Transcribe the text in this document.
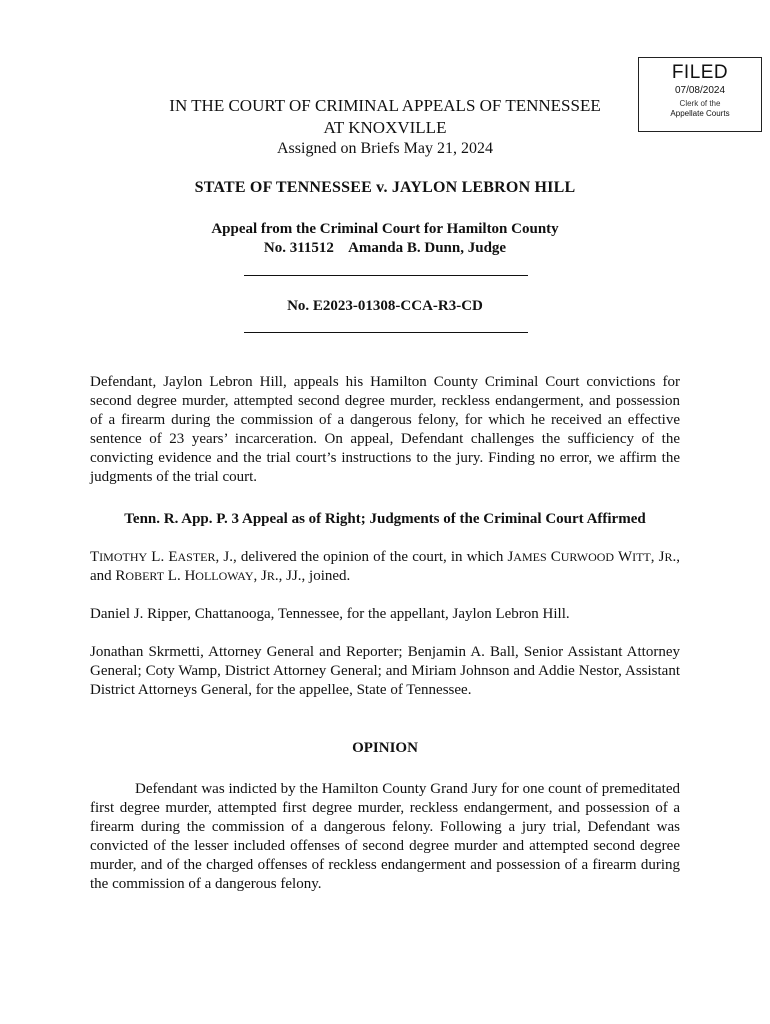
FILED
07/08/2024
Clerk of the
Appellate Courts
IN THE COURT OF CRIMINAL APPEALS OF TENNESSEE
AT KNOXVILLE
Assigned on Briefs May 21, 2024
STATE OF TENNESSEE v. JAYLON LEBRON HILL
Appeal from the Criminal Court for Hamilton County
No. 311512    Amanda B. Dunn, Judge
No. E2023-01308-CCA-R3-CD
Defendant, Jaylon Lebron Hill, appeals his Hamilton County Criminal Court convictions for second degree murder, attempted second degree murder, reckless endangerment, and possession of a firearm during the commission of a dangerous felony, for which he received an effective sentence of 23 years’ incarceration. On appeal, Defendant challenges the sufficiency of the convicting evidence and the trial court’s instructions to the jury. Finding no error, we affirm the judgments of the trial court.
Tenn. R. App. P. 3 Appeal as of Right; Judgments of the Criminal Court Affirmed
TIMOTHY L. EASTER, J., delivered the opinion of the court, in which JAMES CURWOOD WITT, JR., and ROBERT L. HOLLOWAY, JR., JJ., joined.
Daniel J. Ripper, Chattanooga, Tennessee, for the appellant, Jaylon Lebron Hill.
Jonathan Skrmetti, Attorney General and Reporter; Benjamin A. Ball, Senior Assistant Attorney General; Coty Wamp, District Attorney General; and Miriam Johnson and Addie Nestor, Assistant District Attorneys General, for the appellee, State of Tennessee.
OPINION
Defendant was indicted by the Hamilton County Grand Jury for one count of premeditated first degree murder, attempted first degree murder, reckless endangerment, and possession of a firearm during the commission of a dangerous felony. Following a jury trial, Defendant was convicted of the lesser included offenses of second degree murder and attempted second degree murder, and of the charged offenses of reckless endangerment and possession of a firearm during the commission of a dangerous felony.
